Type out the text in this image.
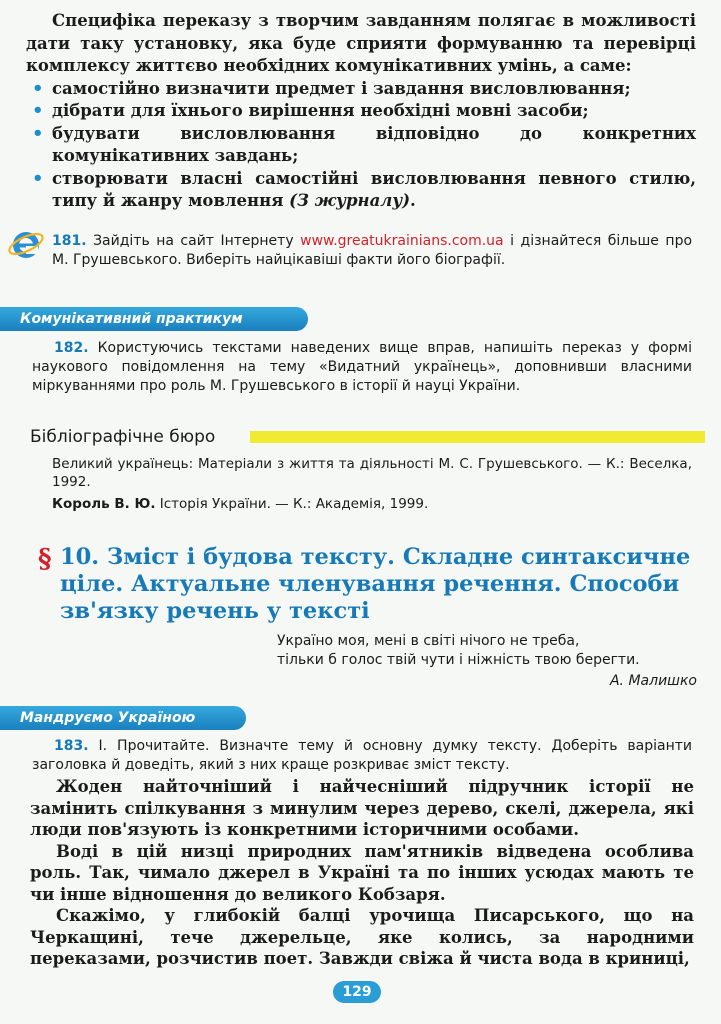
Специфіка переказу з творчим завданням полягає в можливості дати таку установку, яка буде сприяти формуванню та перевірці комплексу життєво необхідних комунікативних умінь, а саме:

• самостійно визначити предмет і завдання висловлювання;
• дібрати для їхнього вирішення необхідні мовні засоби;
• будувати висловлювання відповідно до конкретних комунікативних завдань;
• створювати власні самостійні висловлювання певного стилю, типу й жанру мовлення (З журналу).

181. Зайдіть на сайт Інтернету www.greatukrainians.com.ua і дізнайтеся більше про М. Грушевського. Виберіть найцікавіші факти його біографії.

Комунікативний практикум

182. Користуючись текстами наведених вище вправ, напишіть переказ у формі наукового повідомлення на тему «Видатний українець», доповнивши власними міркуваннями про роль М. Грушевського в історії й науці України.

Бібліографічне бюро

Великий українець: Матеріали з життя та діяльності М. С. Грушевського. — К.: Веселка, 1992.

Король В. Ю. Історія України. — К.: Академія, 1999.

§ 10. Зміст і будова тексту. Складне синтаксичне ціле. Актуальне членування речення. Способи зв'язку речень у тексті
Україно моя, мені в світі нічого не треба,
тільки б голос твій чути і ніжність твою берегти.
А. Малишко
Мандруємо Україною

183. І. Прочитайте. Визначте тему й основну думку тексту. Доберіть варіанти заголовка й доведіть, який з них краще розкриває зміст тексту.

Жоден найточніший і найчесніший підручник історії не замінить спілкування з минулим через дерево, скелі, джерела, які люди пов'язують із конкретними історичними особами.

Воді в цій низці природних пам'ятників відведена особлива роль. Так, чимало джерел в Україні та по інших усюдах мають те чи інше відношення до великого Кобзаря.

Скажімо, у глибокій балці урочища Писарського, що на Черкащині, тече джерельце, яке колись, за народними переказами, розчистив поет. Завжди свіжа й чиста вода в криниці,

129
